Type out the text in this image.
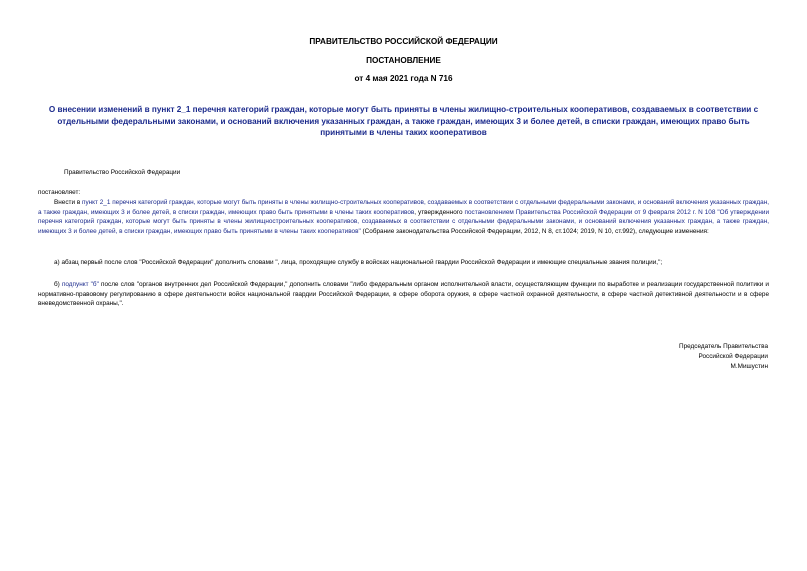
ПРАВИТЕЛЬСТВО РОССИЙСКОЙ ФЕДЕРАЦИИ
ПОСТАНОВЛЕНИЕ
от 4 мая 2021 года N 716
О внесении изменений в пункт 2_1 перечня категорий граждан, которые могут быть приняты в члены жилищно-строительных кооперативов, создаваемых в соответствии с отдельными федеральными законами, и оснований включения указанных граждан, а также граждан, имеющих 3 и более детей, в списки граждан, имеющих право быть принятыми в члены таких кооперативов
Правительство Российской Федерации
постановляет:
Внести в пункт 2_1 перечня категорий граждан, которые могут быть приняты в члены жилищно-строительных кооперативов, создаваемых в соответствии с отдельными федеральными законами, и оснований включения указанных граждан, а также граждан, имеющих 3 и более детей, в списки граждан, имеющих право быть принятыми в члены таких кооперативов, утвержденного постановлением Правительства Российской Федерации от 9 февраля 2012 г. N 108 "Об утверждении перечня категорий граждан, которые могут быть приняты в члены жилищностроительных кооперативов, создаваемых в соответствии с отдельными федеральными законами, и оснований включения указанных граждан, а также граждан, имеющих 3 и более детей, в списки граждан, имеющих право быть принятыми в члены таких кооперативов" (Собрание законодательства Российской Федерации, 2012, N 8, ст.1024; 2019, N 10, ст.992), следующие изменения:
а) абзац первый после слов "Российской Федерации" дополнить словами ", лица, проходящие службу в войсках национальной гвардии Российской Федерации и имеющие специальные звания полиции,";
б) подпункт "б" после слов "органов внутренних дел Российской Федерации," дополнить словами "либо федеральным органом исполнительной власти, осуществляющим функции по выработке и реализации государственной политики и нормативно-правовому регулированию в сфере деятельности войск национальной гвардии Российской Федерации, в сфере оборота оружия, в сфере частной охранной деятельности, в сфере частной детективной деятельности и в сфере вневедомственной охраны,".
Председатель Правительства
Российской Федерации
М.Мишустин
